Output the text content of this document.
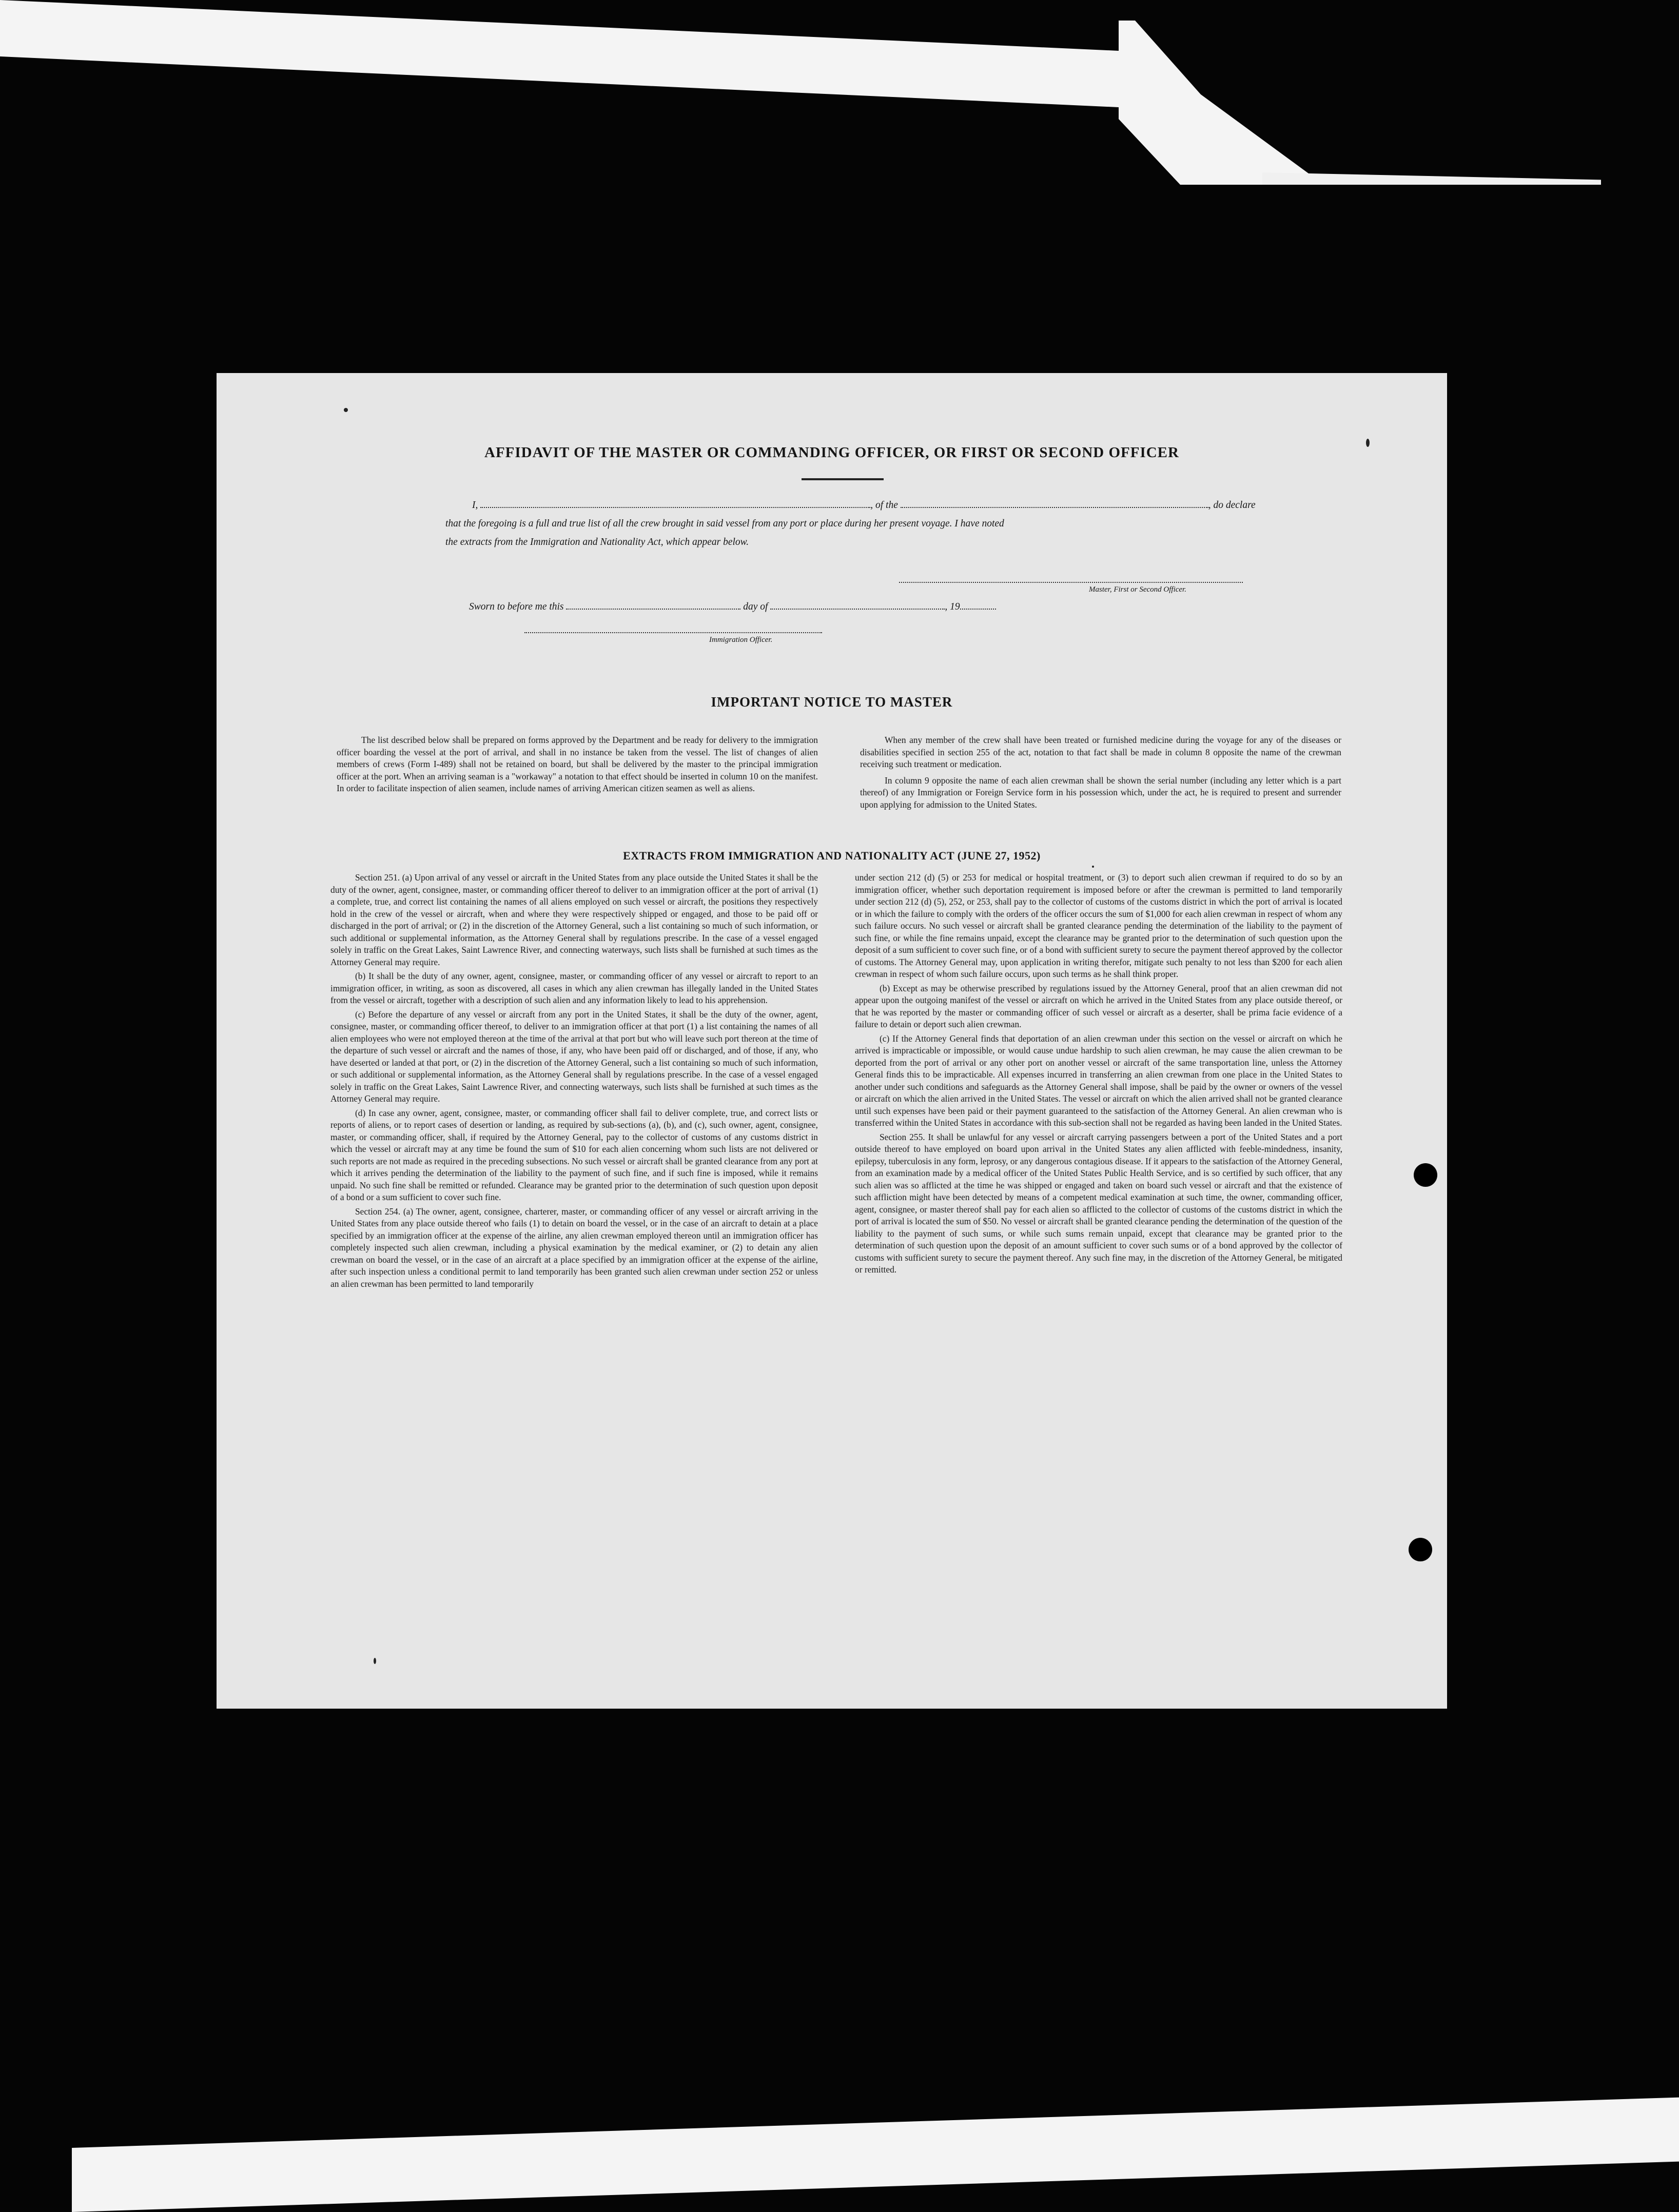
AFFIDAVIT OF THE MASTER OR COMMANDING OFFICER, OR FIRST OR SECOND OFFICER
I,	, of the	, do declare
that the foregoing is a full and true list of all the crew brought in said vessel from any port or place during her present voyage. I have noted
the extracts from the Immigration and Nationality Act, which appear below.
Master, First or Second Officer.
Sworn to before me this	day of	, 19
Immigration Officer.
IMPORTANT NOTICE TO MASTER

The list described below shall be prepared on forms approved by the Department and be ready for delivery to the immigration officer boarding the vessel at the port of arrival, and shall in no instance be taken from the vessel. The list of changes of alien members of crews (Form I-489) shall not be retained on board, but shall be delivered by the master to the principal immigration officer at the port. When an arriving seaman is a "workaway" a notation to that effect should be inserted in column 10 on the manifest. In order to facilitate inspection of alien seamen, include names of arriving American citizen seamen as well as aliens.

When any member of the crew shall have been treated or furnished medicine during the voyage for any of the diseases or disabilities specified in section 255 of the act, notation to that fact shall be made in column 8 opposite the name of the crewman receiving such treatment or medication.

In column 9 opposite the name of each alien crewman shall be shown the serial number (including any letter which is a part thereof) of any Immigration or Foreign Service form in his possession which, under the act, he is required to present and surrender upon applying for admission to the United States.

EXTRACTS FROM IMMIGRATION AND NATIONALITY ACT (JUNE 27, 1952)

Section 251. (a) Upon arrival of any vessel or aircraft in the United States from any place outside the United States it shall be the duty of the owner, agent, consignee, master, or commanding officer thereof to deliver to an immigration officer at the port of arrival (1) a complete, true, and correct list containing the names of all aliens employed on such vessel or aircraft, the positions they respectively hold in the crew of the vessel or aircraft, when and where they were respectively shipped or engaged, and those to be paid off or discharged in the port of arrival; or (2) in the discretion of the Attorney General, such a list containing so much of such information, or such additional or supplemental information, as the Attorney General shall by regulations prescribe. In the case of a vessel engaged solely in traffic on the Great Lakes, Saint Lawrence River, and connecting waterways, such lists shall be furnished at such times as the Attorney General may require.

(b) It shall be the duty of any owner, agent, consignee, master, or commanding officer of any vessel or aircraft to report to an immigration officer, in writing, as soon as discovered, all cases in which any alien crewman has illegally landed in the United States from the vessel or aircraft, together with a description of such alien and any information likely to lead to his apprehension.

(c) Before the departure of any vessel or aircraft from any port in the United States, it shall be the duty of the owner, agent, consignee, master, or commanding officer thereof, to deliver to an immigration officer at that port (1) a list containing the names of all alien employees who were not employed thereon at the time of the arrival at that port but who will leave such port thereon at the time of the departure of such vessel or aircraft and the names of those, if any, who have been paid off or discharged, and of those, if any, who have deserted or landed at that port, or (2) in the discretion of the Attorney General, such a list containing so much of such information, or such additional or supplemental information, as the Attorney General shall by regulations prescribe. In the case of a vessel engaged solely in traffic on the Great Lakes, Saint Lawrence River, and connecting waterways, such lists shall be furnished at such times as the Attorney General may require.

(d) In case any owner, agent, consignee, master, or commanding officer shall fail to deliver complete, true, and correct lists or reports of aliens, or to report cases of desertion or landing, as required by sub-sections (a), (b), and (c), such owner, agent, consignee, master, or commanding officer, shall, if required by the Attorney General, pay to the collector of customs of any customs district in which the vessel or aircraft may at any time be found the sum of $10 for each alien concerning whom such lists are not delivered or such reports are not made as required in the preceding subsections. No such vessel or aircraft shall be granted clearance from any port at which it arrives pending the determination of the liability to the payment of such fine, and if such fine is imposed, while it remains unpaid. No such fine shall be remitted or refunded. Clearance may be granted prior to the determination of such question upon deposit of a bond or a sum sufficient to cover such fine.

Section 254. (a) The owner, agent, consignee, charterer, master, or commanding officer of any vessel or aircraft arriving in the United States from any place outside thereof who fails (1) to detain on board the vessel, or in the case of an aircraft to detain at a place specified by an immigration officer at the expense of the airline, any alien crewman employed thereon until an immigration officer has completely inspected such alien crewman, including a physical examination by the medical examiner, or (2) to detain any alien crewman on board the vessel, or in the case of an aircraft at a place specified by an immigration officer at the expense of the airline, after such inspection unless a conditional permit to land temporarily has been granted such alien crewman under section 252 or unless an alien crewman has been permitted to land temporarily

under section 212 (d) (5) or 253 for medical or hospital treatment, or (3) to deport such alien crewman if required to do so by an immigration officer, whether such deportation requirement is imposed before or after the crewman is permitted to land temporarily under section 212 (d) (5), 252, or 253, shall pay to the collector of customs of the customs district in which the port of arrival is located or in which the failure to comply with the orders of the officer occurs the sum of $1,000 for each alien crewman in respect of whom any such failure occurs. No such vessel or aircraft shall be granted clearance pending the determination of the liability to the payment of such fine, or while the fine remains unpaid, except the clearance may be granted prior to the determination of such question upon the deposit of a sum sufficient to cover such fine, or of a bond with sufficient surety to secure the payment thereof approved by the collector of customs. The Attorney General may, upon application in writing therefor, mitigate such penalty to not less than $200 for each alien crewman in respect of whom such failure occurs, upon such terms as he shall think proper.

(b) Except as may be otherwise prescribed by regulations issued by the Attorney General, proof that an alien crewman did not appear upon the outgoing manifest of the vessel or aircraft on which he arrived in the United States from any place outside thereof, or that he was reported by the master or commanding officer of such vessel or aircraft as a deserter, shall be prima facie evidence of a failure to detain or deport such alien crewman.

(c) If the Attorney General finds that deportation of an alien crewman under this section on the vessel or aircraft on which he arrived is impracticable or impossible, or would cause undue hardship to such alien crewman, he may cause the alien crewman to be deported from the port of arrival or any other port on another vessel or aircraft of the same transportation line, unless the Attorney General finds this to be impracticable. All expenses incurred in transferring an alien crewman from one place in the United States to another under such conditions and safeguards as the Attorney General shall impose, shall be paid by the owner or owners of the vessel or aircraft on which the alien arrived in the United States. The vessel or aircraft on which the alien arrived shall not be granted clearance until such expenses have been paid or their payment guaranteed to the satisfaction of the Attorney General. An alien crewman who is transferred within the United States in accordance with this sub-section shall not be regarded as having been landed in the United States.

Section 255. It shall be unlawful for any vessel or aircraft carrying passengers between a port of the United States and a port outside thereof to have employed on board upon arrival in the United States any alien afflicted with feeble-mindedness, insanity, epilepsy, tuberculosis in any form, leprosy, or any dangerous contagious disease. If it appears to the satisfaction of the Attorney General, from an examination made by a medical officer of the United States Public Health Service, and is so certified by such officer, that any such alien was so afflicted at the time he was shipped or engaged and taken on board such vessel or aircraft and that the existence of such affliction might have been detected by means of a competent medical examination at such time, the owner, commanding officer, agent, consignee, or master thereof shall pay for each alien so afflicted to the collector of customs of the customs district in which the port of arrival is located the sum of $50. No vessel or aircraft shall be granted clearance pending the determination of the question of the liability to the payment of such sums, or while such sums remain unpaid, except that clearance may be granted prior to the determination of such question upon the deposit of an amount sufficient to cover such sums or of a bond approved by the collector of customs with sufficient surety to secure the payment thereof. Any such fine may, in the discretion of the Attorney General, be mitigated or remitted.
